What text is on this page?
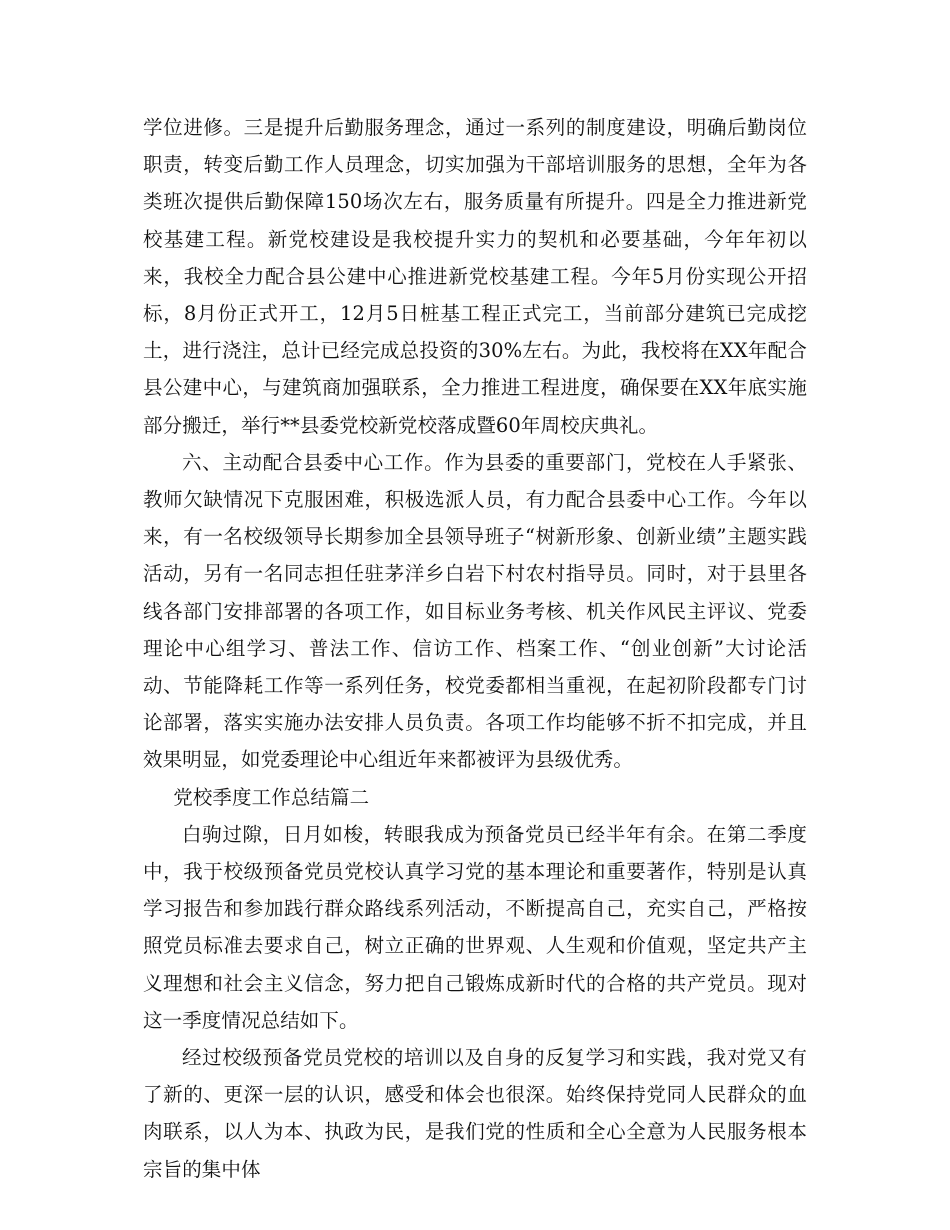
学位进修。三是提升后勤服务理念，通过一系列的制度建设，明确后勤岗位职责，转变后勤工作人员理念，切实加强为干部培训服务的思想，全年为各类班次提供后勤保障150场次左右，服务质量有所提升。四是全力推进新党校基建工程。新党校建设是我校提升实力的契机和必要基础，今年年初以来，我校全力配合县公建中心推进新党校基建工程。今年5月份实现公开招标，8月份正式开工，12月5日桩基工程正式完工，当前部分建筑已完成挖土，进行浇注，总计已经完成总投资的30%左右。为此，我校将在XX年配合县公建中心，与建筑商加强联系，全力推进工程进度，确保要在XX年底实施部分搬迁，举行**县委党校新党校落成暨60年周校庆典礼。

六、主动配合县委中心工作。作为县委的重要部门，党校在人手紧张、教师欠缺情况下克服困难，积极选派人员，有力配合县委中心工作。今年以来，有一名校级领导长期参加全县领导班子“树新形象、创新业绩”主题实践活动，另有一名同志担任驻茅洋乡白岩下村农村指导员。同时，对于县里各线各部门安排部署的各项工作，如目标业务考核、机关作风民主评议、党委理论中心组学习、普法工作、信访工作、档案工作、“创业创新”大讨论活动、节能降耗工作等一系列任务，校党委都相当重视，在起初阶段都专门讨论部署，落实实施办法安排人员负责。各项工作均能够不折不扣完成，并且效果明显，如党委理论中心组近年来都被评为县级优秀。

党校季度工作总结篇二

白驹过隙，日月如梭，转眼我成为预备党员已经半年有余。在第二季度中，我于校级预备党员党校认真学习党的基本理论和重要著作，特别是认真学习报告和参加践行群众路线系列活动，不断提高自己，充实自己，严格按照党员标准去要求自己，树立正确的世界观、人生观和价值观，坚定共产主义理想和社会主义信念，努力把自己锻炼成新时代的合格的共产党员。现对这一季度情况总结如下。

经过校级预备党员党校的培训以及自身的反复学习和实践，我对党又有了新的、更深一层的认识，感受和体会也很深。始终保持党同人民群众的血肉联系，以人为本、执政为民，是我们党的性质和全心全意为人民服务根本宗旨的集中体
